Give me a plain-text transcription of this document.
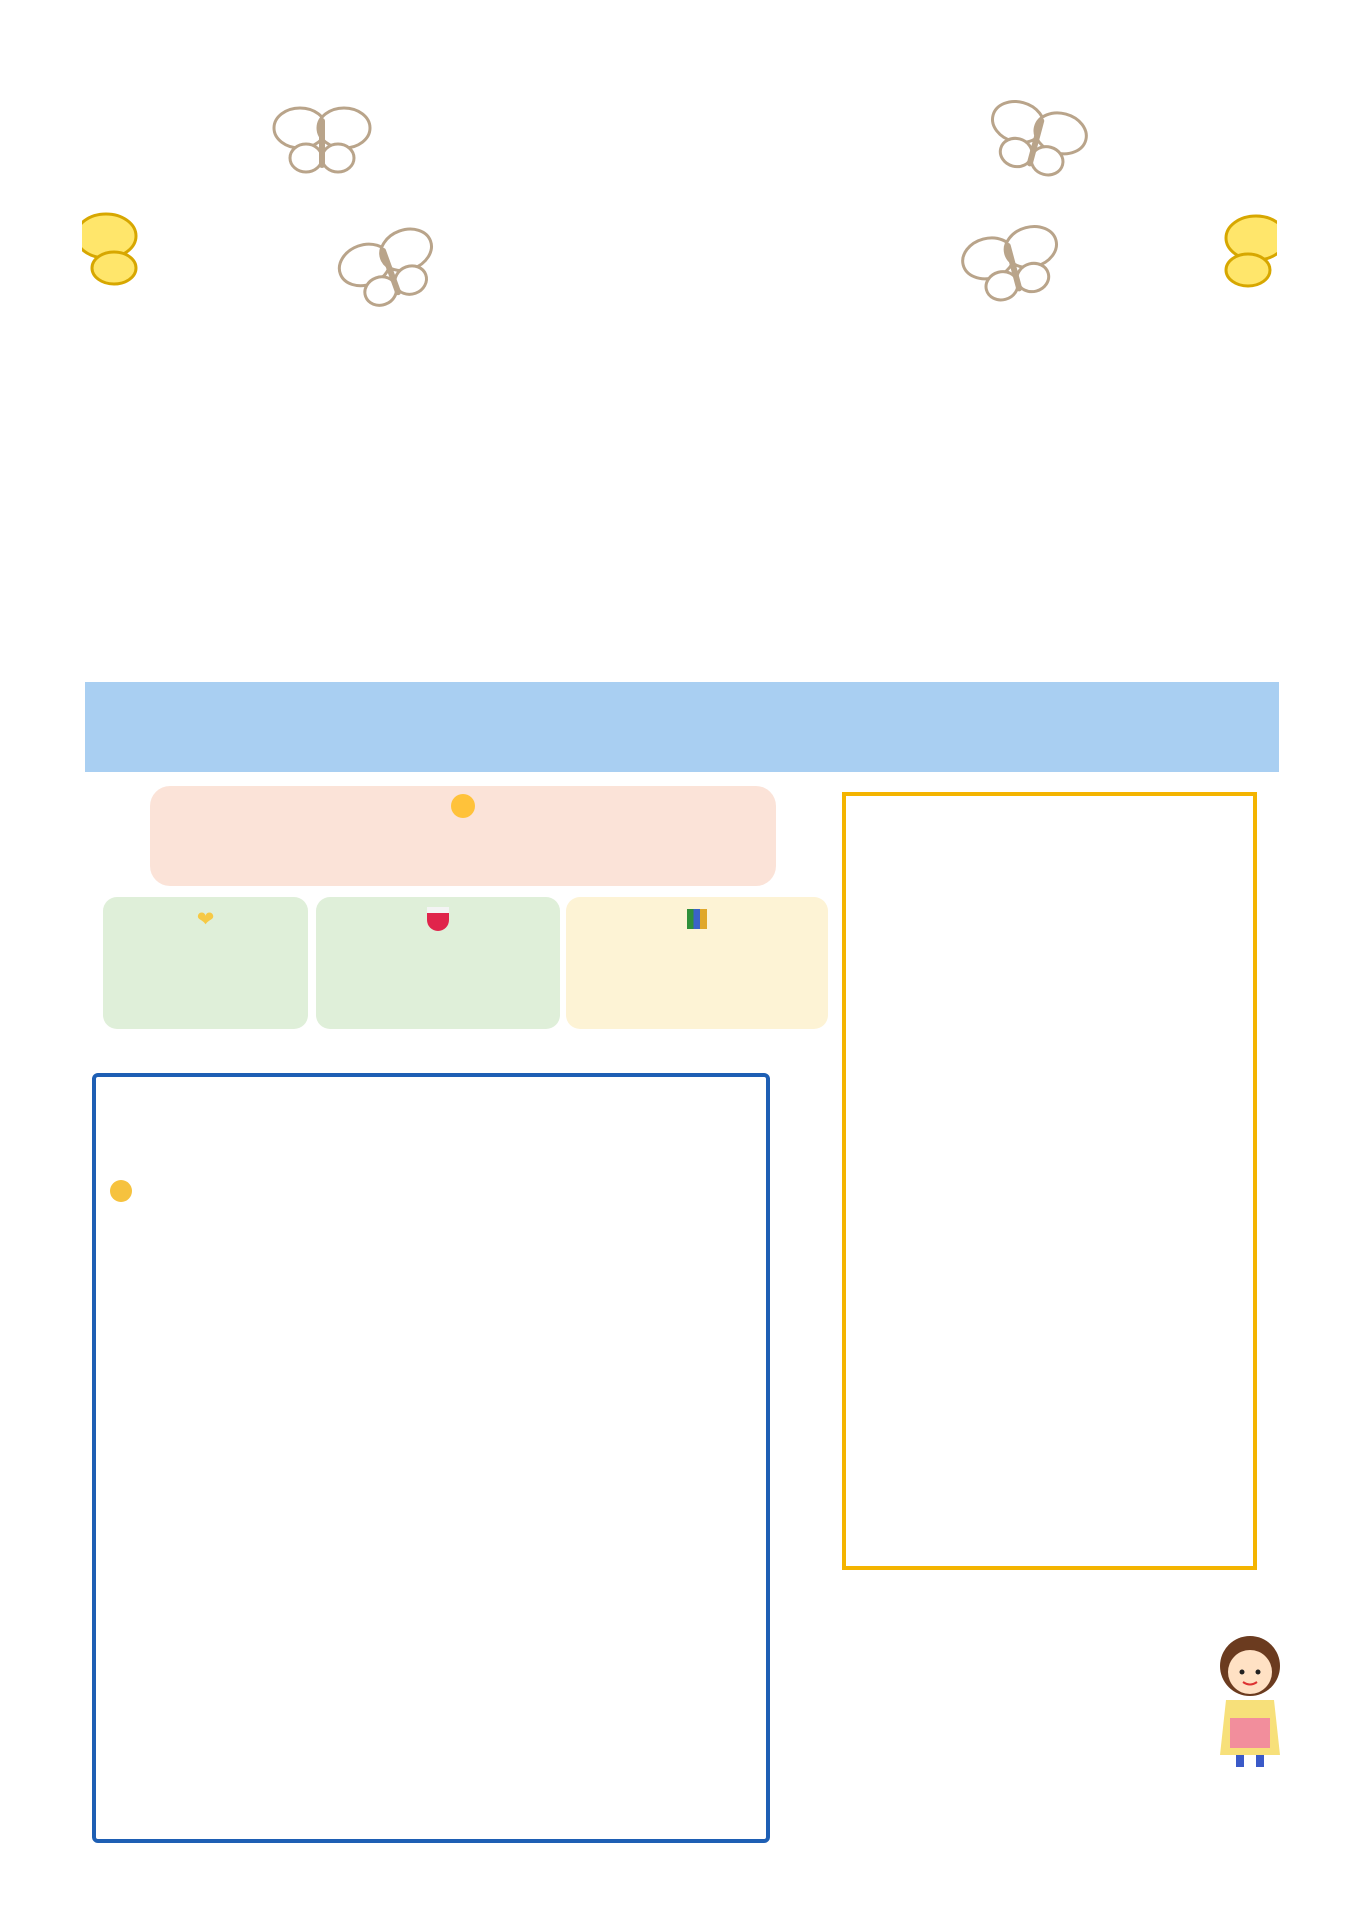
❤
